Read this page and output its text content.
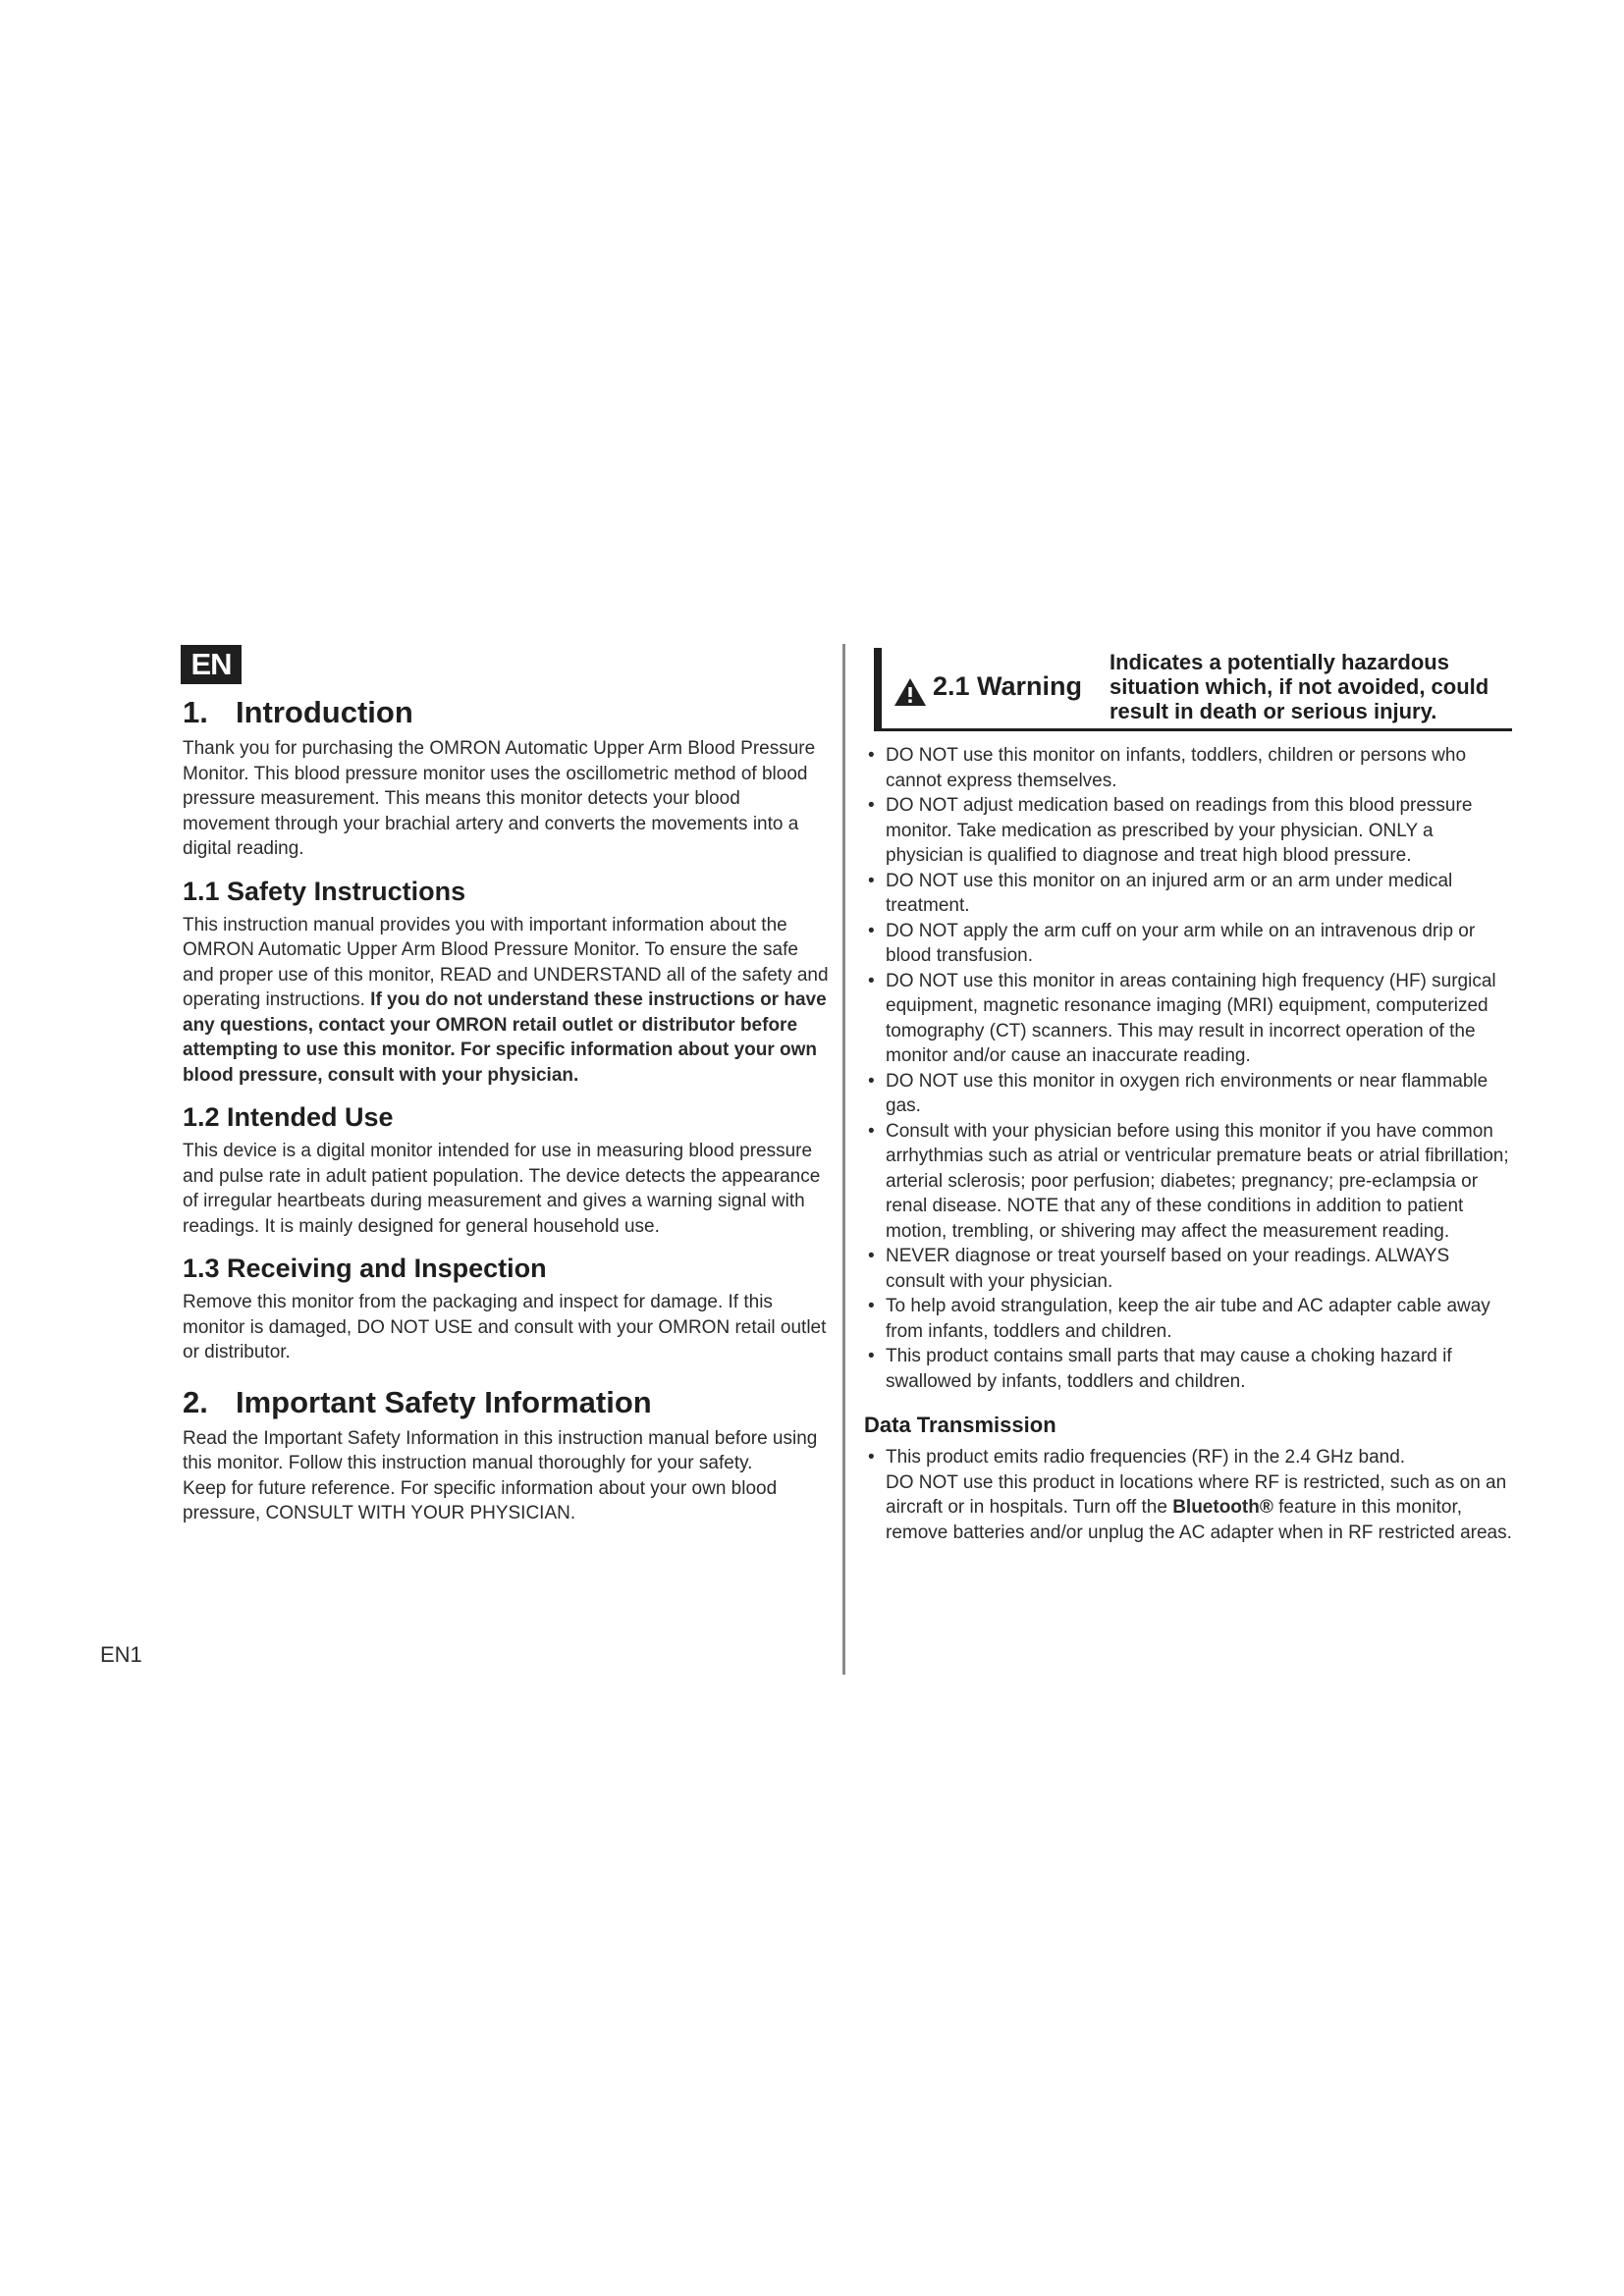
EN
1. Introduction

Thank you for purchasing the OMRON Automatic Upper Arm Blood Pressure Monitor. This blood pressure monitor uses the oscillometric method of blood pressure measurement. This means this monitor detects your blood movement through your brachial artery and converts the movements into a digital reading.

1.1 Safety Instructions

This instruction manual provides you with important information about the OMRON Automatic Upper Arm Blood Pressure Monitor. To ensure the safe and proper use of this monitor, READ and UNDERSTAND all of the safety and operating instructions. If you do not understand these instructions or have any questions, contact your OMRON retail outlet or distributor before attempting to use this monitor. For specific information about your own blood pressure, consult with your physician.

1.2 Intended Use

This device is a digital monitor intended for use in measuring blood pressure and pulse rate in adult patient population. The device detects the appearance of irregular heartbeats during measurement and gives a warning signal with readings. It is mainly designed for general household use.

1.3 Receiving and Inspection

Remove this monitor from the packaging and inspect for damage. If this monitor is damaged, DO NOT USE and consult with your OMRON retail outlet or distributor.

2. Important Safety Information

Read the Important Safety Information in this instruction manual before using this monitor. Follow this instruction manual thoroughly for your safety.

Keep for future reference. For specific information about your own blood pressure, CONSULT WITH YOUR PHYSICIAN.

2.1 Warning
Indicates a potentially hazardous situation which, if not avoided, could result in death or serious injury.
• DO NOT use this monitor on infants, toddlers, children or persons who cannot express themselves.
• DO NOT adjust medication based on readings from this blood pressure monitor. Take medication as prescribed by your physician. ONLY a physician is qualified to diagnose and treat high blood pressure.
• DO NOT use this monitor on an injured arm or an arm under medical treatment.
• DO NOT apply the arm cuff on your arm while on an intravenous drip or blood transfusion.
• DO NOT use this monitor in areas containing high frequency (HF) surgical equipment, magnetic resonance imaging (MRI) equipment, computerized tomography (CT) scanners. This may result in incorrect operation of the monitor and/or cause an inaccurate reading.
• DO NOT use this monitor in oxygen rich environments or near flammable gas.
• Consult with your physician before using this monitor if you have common arrhythmias such as atrial or ventricular premature beats or atrial fibrillation; arterial sclerosis; poor perfusion; diabetes; pregnancy; pre-eclampsia or renal disease. NOTE that any of these conditions in addition to patient motion, trembling, or shivering may affect the measurement reading.
• NEVER diagnose or treat yourself based on your readings. ALWAYS consult with your physician.
• To help avoid strangulation, keep the air tube and AC adapter cable away from infants, toddlers and children.
• This product contains small parts that may cause a choking hazard if swallowed by infants, toddlers and children.
Data Transmission
• This product emits radio frequencies (RF) in the 2.4 GHz band.
DO NOT use this product in locations where RF is restricted, such as on an aircraft or in hospitals. Turn off the Bluetooth® feature in this monitor, remove batteries and/or unplug the AC adapter when in RF restricted areas.
EN1
